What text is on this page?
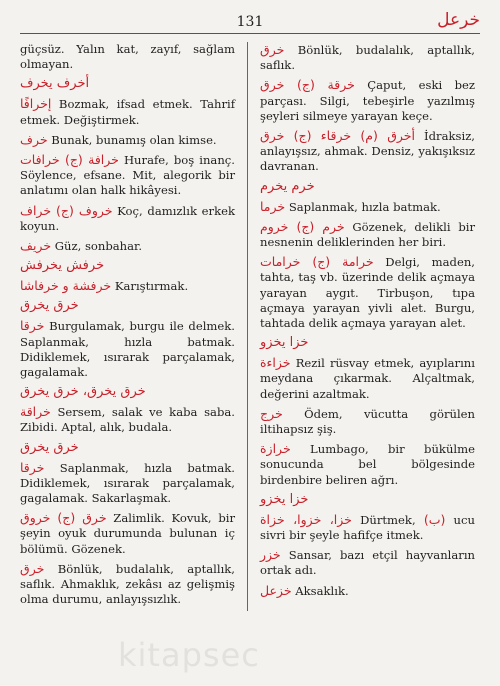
131	خرعل

güçsüz. Yalın kat, zayıf, sağlam olmayan.

أخرف يخرف

إخرافًا Bozmak, ifsad etmek. Tahrif etmek. Değiştirmek.

خرف Bunak, bunamış olan kimse.

خرافة (ج) خرافات Hurafe, boş inanç. Söylence, efsane. Mit, alegorik bir anlatımı olan halk hikâyesi.

خروف (ج) خراف Koç, damızlık erkek koyun.

خريف Güz, sonbahar.

خرفش يخرفش

خرفشة و خرفاشا Karıştırmak.

خرق يخرق

خرقا Burgulamak, burgu ile delmek. Saplanmak, hızla batmak. Didiklemek, ısırarak parçalamak, gagalamak.

خرق يخرق، خرق يخرق

خراقة Sersem, salak ve kaba saba. Zibidi. Aptal, alık, budala.

خرق يخرق

خرقا Saplanmak, hızla batmak. Didiklemek, ısırarak parçalamak, gagalamak. Sakarlaşmak.

خرق (ج) خروق Zalimlik. Kovuk, bir şeyin oyuk durumunda bulunan iç bölümü. Gözenek.

خرق Bönlük, budalalık, aptallık, saflık. Ahmaklık, zekâsı az gelişmiş olma durumu, anlayışsızlık.

خرق Bönlük, budalalık, aptallık, saflık.

خرقة (ج) خرق Çaput, eski bez parçası. Silgi, tebeşirle yazılmış şeyleri silmeye yarayan keçe.

أخرق (م) خرقاء (ج) خرق İdraksiz, anlayışsız, ahmak. Densiz, yakışıksız davranan.

خرم يخرم

خرما Saplanmak, hızla batmak.

خرم (ج) خروم Gözenek, delikli bir nesnenin deliklerinden her biri.

خرامة (ج) خرامات Delgi, maden, tahta, taş vb. üzerinde delik açmaya yarayan aygıt. Tirbuşon, tıpa açmaya yarayan yivli alet. Burgu, tahtada delik açmaya yarayan alet.

خزا يخزو

خزاءة Rezil rüsvay etmek, ayıplarını meydana çıkarmak. Alçaltmak, değerini azaltmak.

خرج Ödem, vücutta görülen iltihapsız şiş.

خرازة Lumbago, bir bükülme sonucunda bel bölgesinde birdenbire beliren ağrı.

خزا يخزو

خزا، خزوا، خزاة Dürtmek, (ب) ucu sivri bir şeyle hafifçe itmek.

خزر Sansar, bazı etçil hayvanların ortak adı.

خزعل Aksaklık.

kitapsec
